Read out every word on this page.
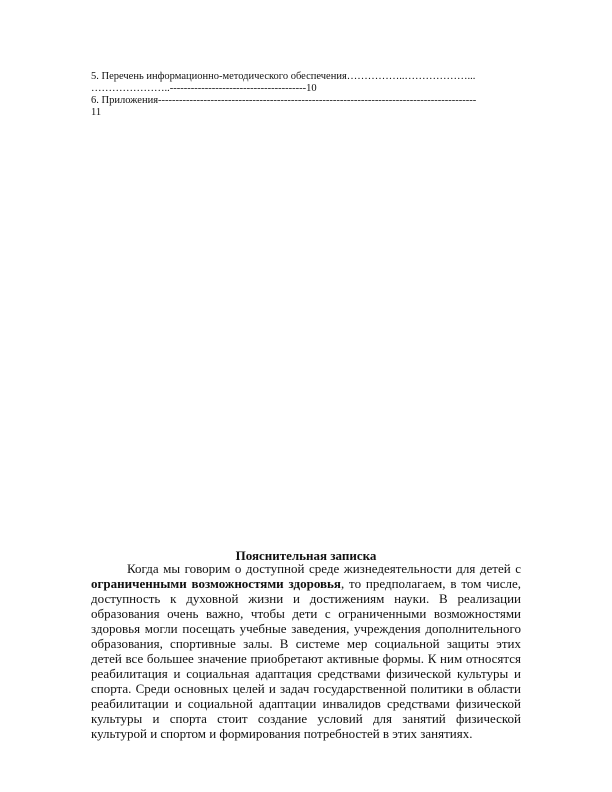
5. Перечень информационно-методического обеспечения……………..………………...
…………………..---------------------------------------10
6. Приложения-------------------------------------------------------------------------------------------
11
Пояснительная записка

Когда мы говорим о доступной среде жизнедеятельности для детей с ограниченными возможностями здоровья, то предполагаем, в том числе, доступность к духовной жизни и достижениям науки. В реализации образования очень важно, чтобы дети с ограниченными возможностями здоровья могли посещать учебные заведения, учреждения дополнительного образования, спортивные залы. В системе мер социальной защиты этих детей все большее значение приобретают активные формы. К ним относятся реабилитация и социальная адаптация средствами физической культуры и спорта. Среди основных целей и задач государственной политики в области реабилитации и социальной адаптации инвалидов средствами физической культуры и спорта стоит создание условий для занятий физической культурой и спортом и формирования потребностей в этих занятиях.
